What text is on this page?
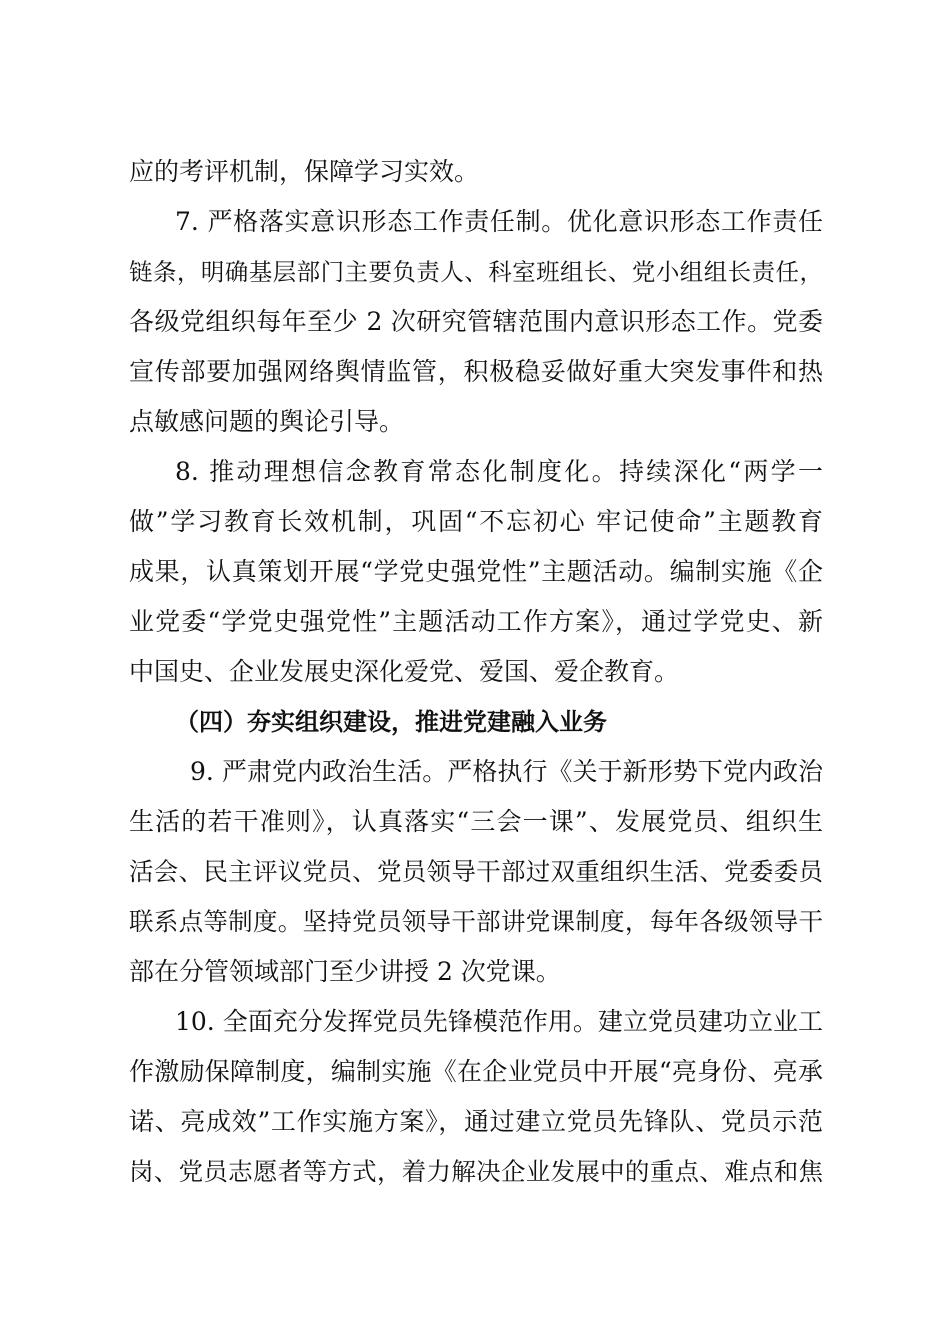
应的考评机制，保障学习实效。
7. 严格落实意识形态工作责任制。优化意识形态工作责任
链条，明确基层部门主要负责人、科室班组长、党小组组长责任，
各级党组织每年至少 2 次研究管辖范围内意识形态工作。党委
宣传部要加强网络舆情监管，积极稳妥做好重大突发事件和热
点敏感问题的舆论引导。
8. 推动理想信念教育常态化制度化。持续深化“两学一
做”学习教育长效机制，巩固“不忘初心 牢记使命”主题教育
成果，认真策划开展“学党史强党性”主题活动。编制实施《企
业党委“学党史强党性”主题活动工作方案》，通过学党史、新
中国史、企业发展史深化爱党、爱国、爱企教育。
（四）夯实组织建设，推进党建融入业务
9. 严肃党内政治生活。严格执行《关于新形势下党内政治
生活的若干准则》，认真落实“三会一课”、发展党员、组织生
活会、民主评议党员、党员领导干部过双重组织生活、党委委员
联系点等制度。坚持党员领导干部讲党课制度，每年各级领导干
部在分管领域部门至少讲授 2 次党课。
10. 全面充分发挥党员先锋模范作用。建立党员建功立业工
作激励保障制度，编制实施《在企业党员中开展“亮身份、亮承
诺、亮成效”工作实施方案》，通过建立党员先锋队、党员示范
岗、党员志愿者等方式，着力解决企业发展中的重点、难点和焦
